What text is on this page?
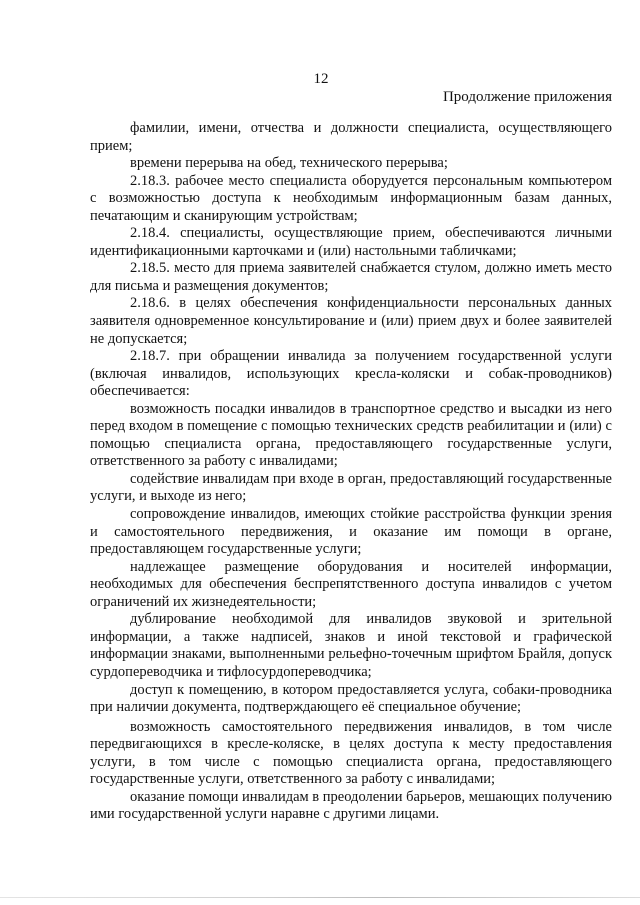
12
Продолжение приложения

фамилии, имени, отчества и должности специалиста, осуществляющего прием;

времени перерыва на обед, технического перерыва;

2.18.3. рабочее место специалиста оборудуется персональным компьютером с возможностью доступа к необходимым информационным базам данных, печатающим и сканирующим устройствам;

2.18.4. специалисты, осуществляющие прием, обеспечиваются личными идентификационными карточками и (или) настольными табличками;

2.18.5. место для приема заявителей снабжается стулом, должно иметь место для письма и размещения документов;

2.18.6. в целях обеспечения конфиденциальности персональных данных заявителя одновременное консультирование и (или) прием двух и более заявителей не допускается;

2.18.7. при обращении инвалида за получением государственной услуги (включая инвалидов, использующих кресла-коляски и собак-проводников) обеспечивается:

возможность посадки инвалидов в транспортное средство и высадки из него перед входом в помещение с помощью технических средств реабилитации и (или) с помощью специалиста органа, предоставляющего государственные услуги, ответственного за работу с инвалидами;

содействие инвалидам при входе в орган, предоставляющий государственные услуги, и выходе из него;

сопровождение инвалидов, имеющих стойкие расстройства функции зрения и самостоятельного передвижения, и оказание им помощи в органе, предоставляющем государственные услуги;

надлежащее размещение оборудования и носителей информации, необходимых для обеспечения беспрепятственного доступа инвалидов с учетом ограничений их жизнедеятельности;

дублирование необходимой для инвалидов звуковой и зрительной информации, а также надписей, знаков и иной текстовой и графической информации знаками, выполненными рельефно-точечным шрифтом Брайля, допуск сурдопереводчика и тифлосурдопереводчика;

доступ к помещению, в котором предоставляется услуга, собаки-проводника при наличии документа, подтверждающего её специальное обучение;

возможность самостоятельного передвижения инвалидов, в том числе передвигающихся в кресле-коляске, в целях доступа к месту предоставления услуги, в том числе с помощью специалиста органа, предоставляющего государственные услуги, ответственного за работу с инвалидами;

оказание помощи инвалидам в преодолении барьеров, мешающих получению ими государственной услуги наравне с другими лицами.
